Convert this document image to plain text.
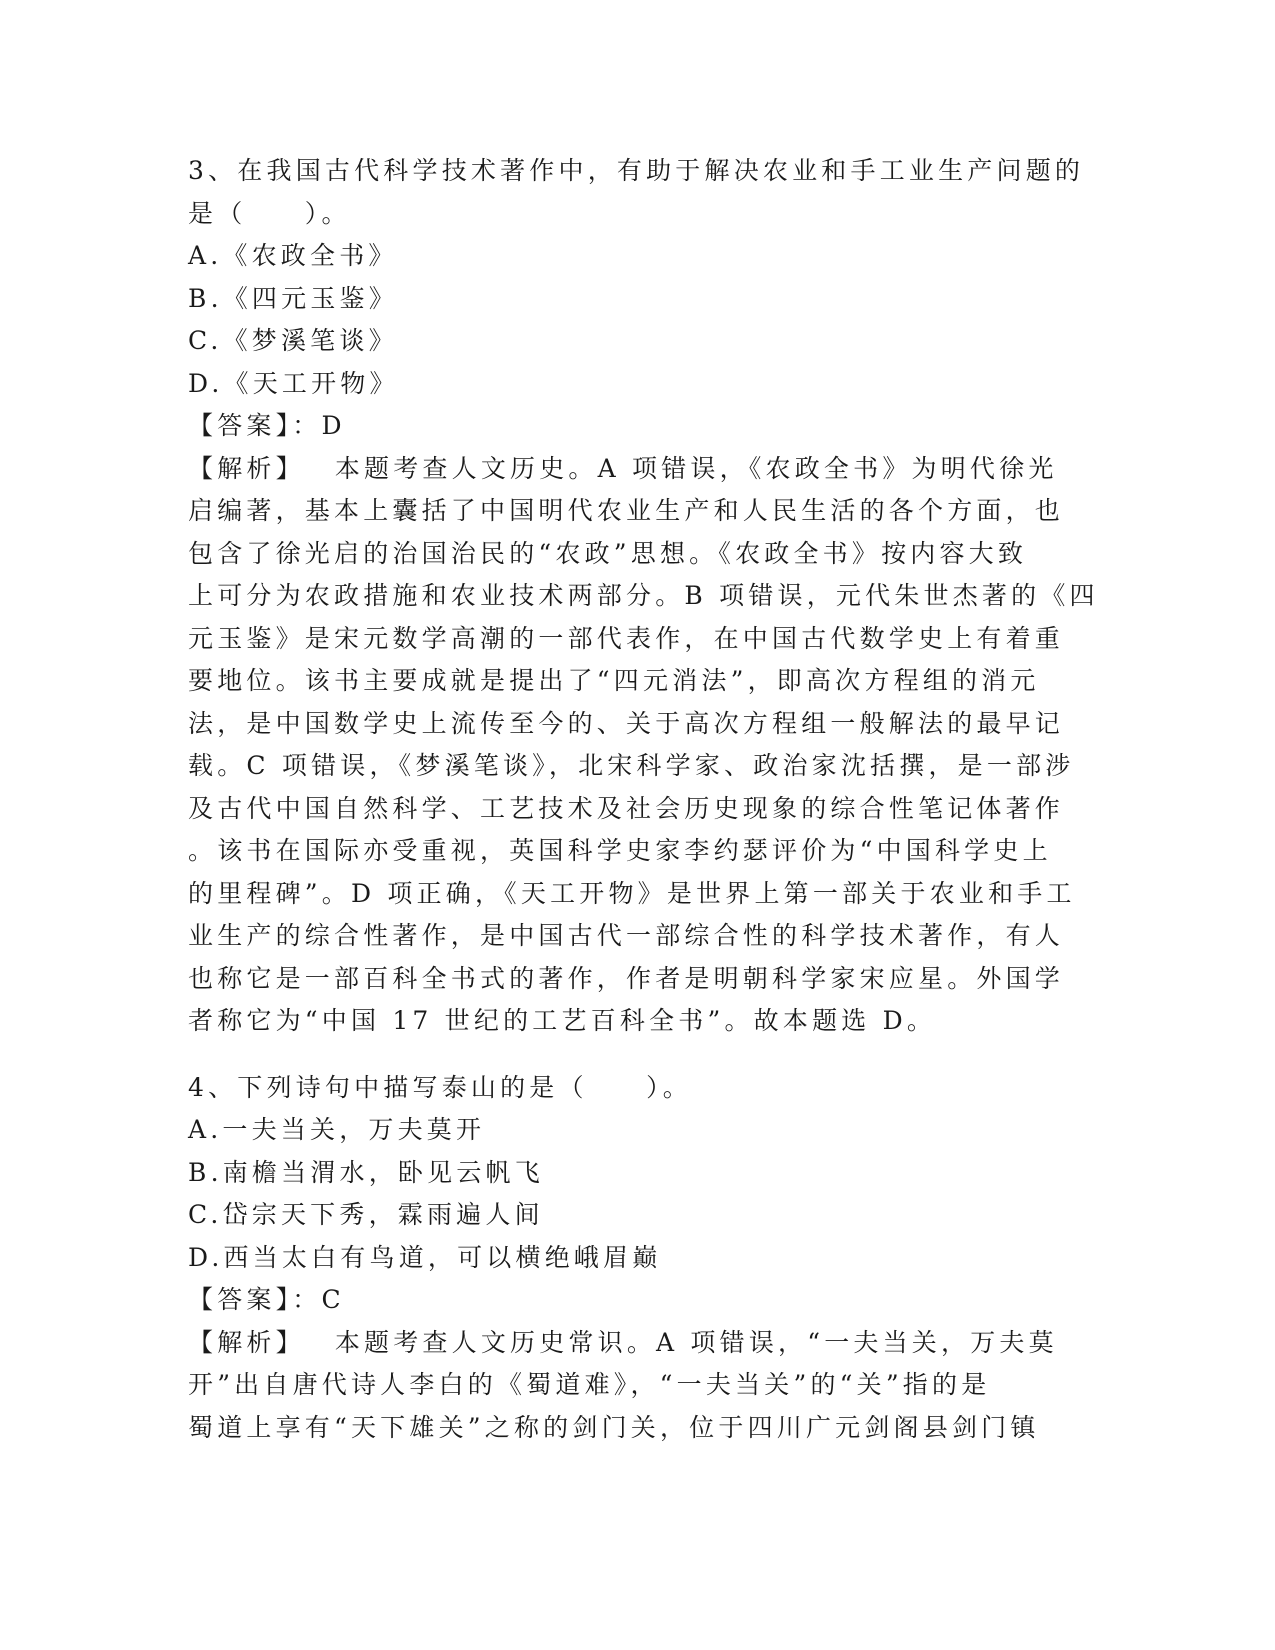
3、在我国古代科学技术著作中，有助于解决农业和手工业生产问题的
是（　　）。
A.《农政全书》
B.《四元玉鉴》
C.《梦溪笔谈》
D.《天工开物》
【答案】：D
【解析】 本题考查人文历史。A 项错误，《农政全书》为明代徐光
启编著，基本上囊括了中国明代农业生产和人民生活的各个方面，也
包含了徐光启的治国治民的“农政”思想。《农政全书》按内容大致
上可分为农政措施和农业技术两部分。B 项错误，元代朱世杰著的《四
元玉鉴》是宋元数学高潮的一部代表作，在中国古代数学史上有着重
要地位。该书主要成就是提出了“四元消法”，即高次方程组的消元
法，是中国数学史上流传至今的、关于高次方程组一般解法的最早记
载。C 项错误，《梦溪笔谈》，北宋科学家、政治家沈括撰，是一部涉
及古代中国自然科学、工艺技术及社会历史现象的综合性笔记体著作
。该书在国际亦受重视，英国科学史家李约瑟评价为“中国科学史上
的里程碑”。D 项正确，《天工开物》是世界上第一部关于农业和手工
业生产的综合性著作，是中国古代一部综合性的科学技术著作，有人
也称它是一部百科全书式的著作，作者是明朝科学家宋应星。外国学
者称它为“中国 17 世纪的工艺百科全书”。故本题选 D。
4、下列诗句中描写泰山的是（　　）。
A.一夫当关，万夫莫开
B.南檐当渭水，卧见云帆飞
C.岱宗天下秀，霖雨遍人间
D.西当太白有鸟道，可以横绝峨眉巅
【答案】：C
【解析】 本题考查人文历史常识。A 项错误，“一夫当关，万夫莫
开”出自唐代诗人李白的《蜀道难》，“一夫当关”的“关”指的是
蜀道上享有“天下雄关”之称的剑门关，位于四川广元剑阁县剑门镇
